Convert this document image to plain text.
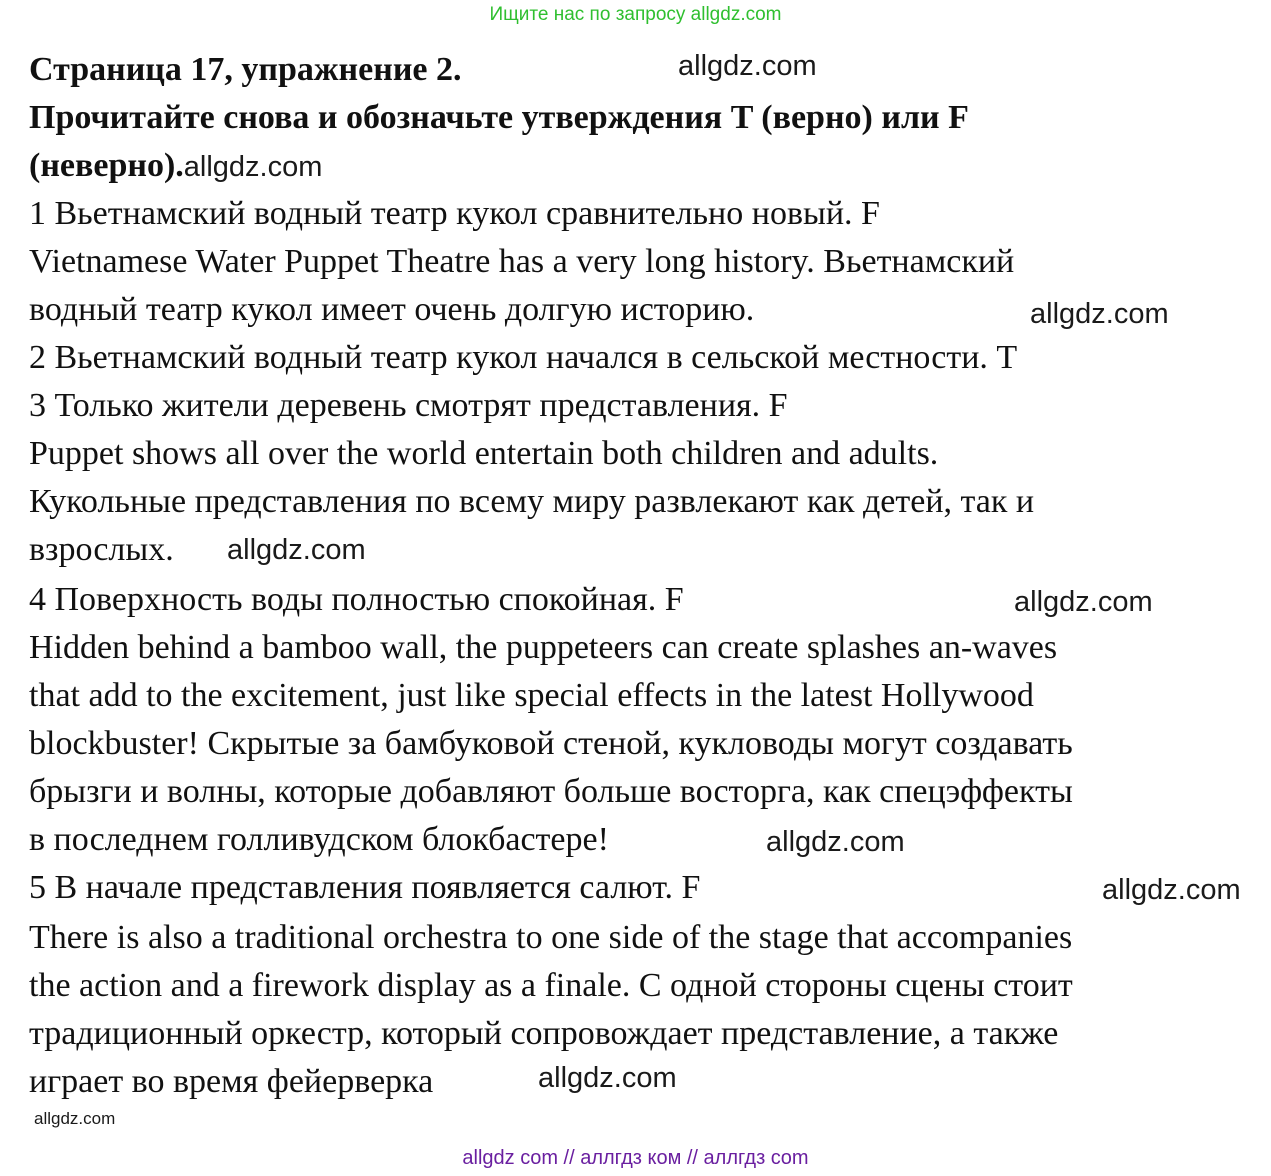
Ищите нас по запросу allgdz.com
Страница 17, упражнение 2.	allgdz.com
Прочитайте снова и обозначьте утверждения T (верно) или F
(неверно).allgdz.com
1 Вьетнамский водный театр кукол сравнительно новый. F
Vietnamese Water Puppet Theatre has a very long history. Вьетнамский
водный театр кукол имеет очень долгую историю.	allgdz.com
2 Вьетнамский водный театр кукол начался в сельской местности. T
3 Только жители деревень смотрят представления. F
Puppet shows all over the world entertain both children and adults.
Кукольные представления по всему миру развлекают как детей, так и
взрослых. allgdz.com
4 Поверхность воды полностью спокойная. F	allgdz.com
Hidden behind a bamboo wall, the puppeteers can create splashes an-waves
that add to the excitement, just like special effects in the latest Hollywood
blockbuster! Скрытые за бамбуковой стеной, кукловоды могут создавать
брызги и волны, которые добавляют больше восторга, как спецэффекты
в последнем голливудском блокбастере!	allgdz.com
5 В начале представления появляется салют. F	allgdz.com
There is also a traditional orchestra to one side of the stage that accompanies
the action and a firework display as a finale. С одной стороны сцены стоит
традиционный оркестр, который сопровождает представление, а также
играет во время фейерверка	allgdz.com
allgdz.com
allgdz com // аллгдз ком // аллгдз com
